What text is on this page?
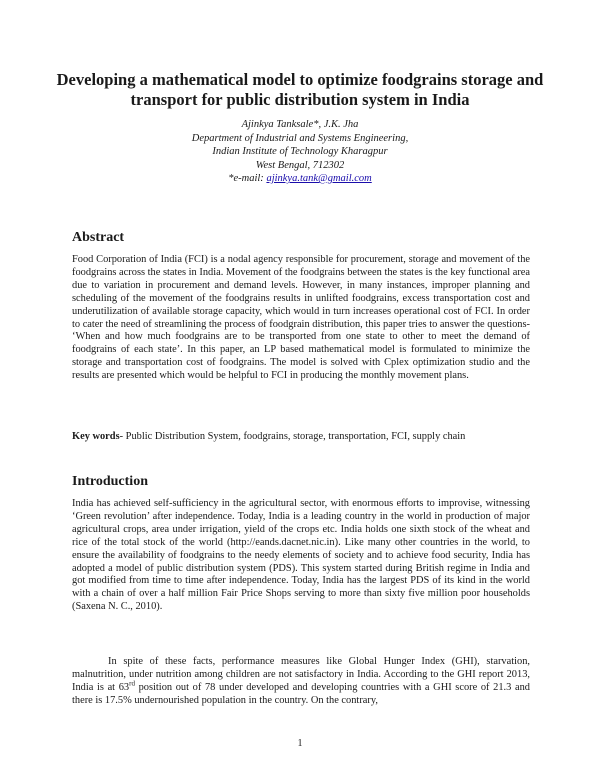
Developing a mathematical model to optimize foodgrains storage and transport for public distribution system in India
Ajinkya Tanksale*, J.K. Jha
Department of Industrial and Systems Engineering,
Indian Institute of Technology Kharagpur
West Bengal, 712302
*e-mail: ajinkya.tank@gmail.com
Abstract
Food Corporation of India (FCI) is a nodal agency responsible for procurement, storage and movement of the foodgrains across the states in India. Movement of the foodgrains between the states is the key functional area due to variation in procurement and demand levels. However, in many instances, improper planning and scheduling of the movement of the foodgrains results in unlifted foodgrains, excess transportation cost and underutilization of available storage capacity, which would in turn increases operational cost of FCI. In order to cater the need of streamlining the process of foodgrain distribution, this paper tries to answer the questions- ‘When and how much foodgrains are to be transported from one state to other to meet the demand of foodgrains of each state’. In this paper, an LP based mathematical model is formulated to minimize the storage and transportation cost of foodgrains. The model is solved with Cplex optimization studio and the results are presented which would be helpful to FCI in producing the monthly movement plans.
Key words- Public Distribution System, foodgrains, storage, transportation, FCI, supply chain
Introduction
India has achieved self-sufficiency in the agricultural sector, with enormous efforts to improvise, witnessing ‘Green revolution’ after independence. Today, India is a leading country in the world in production of major agricultural crops, area under irrigation, yield of the crops etc. India holds one sixth stock of the wheat and rice of the total stock of the world (http://eands.dacnet.nic.in). Like many other countries in the world, to ensure the availability of foodgrains to the needy elements of society and to achieve food security, India has adopted a model of public distribution system (PDS). This system started during British regime in India and got modified from time to time after independence. Today, India has the largest PDS of its kind in the world with a chain of over a half million Fair Price Shops serving to more than sixty five million poor households (Saxena N. C., 2010).
In spite of these facts, performance measures like Global Hunger Index (GHI), starvation, malnutrition, under nutrition among children are not satisfactory in India. According to the GHI report 2013, India is at 63rd position out of 78 under developed and developing countries with a GHI score of 21.3 and there is 17.5% undernourished population in the country. On the contrary,
1
